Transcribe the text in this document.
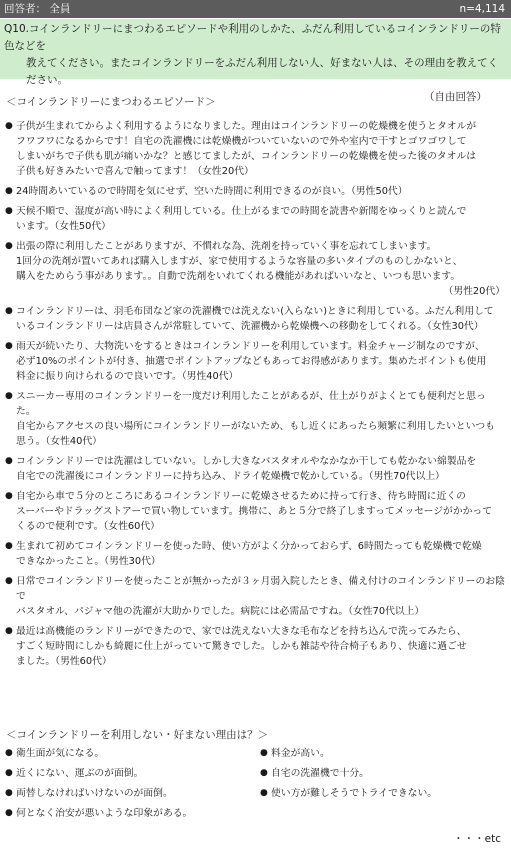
回答者： 全員	n=4,114
Q10.コインランドリーにまつわるエピソードや利用のしかた、ふだん利用しているコインランドリーの特色などを
教えてください。またコインランドリーをふだん利用しない人、好まない人は、その理由を教えてください。
（自由回答）
＜コインランドリーにまつわるエピソード＞
● 子供が生まれてからよく利用するようになりました。理由はコインランドリーの乾燥機を使うとタオルが
フワフワになるからです！自宅の洗濯機には乾燥機がついていないので外や室内で干すとゴワゴワして
しまいがちで子供も肌が痛いかな？と感じてましたが、コインランドリーの乾燥機を使った後のタオルは
子供も好きみたいで喜んで触ってます！（女性20代）
● 24時間あいているので時間を気にせず、空いた時間に利用できるのが良い。（男性50代）
● 天候不順で、湿度が高い時によく利用している。仕上がるまでの時間を読書や新聞をゆっくりと読んで
います。（女性50代）
● 出張の際に利用したことがありますが、不慣れな為、洗剤を持っていく事を忘れてしまいます。
1回分の洗剤が置いてあれば購入しますが、家で使用するような容量の多いタイプのものしかないと、
購入をためらう事があります。。自動で洗剤をいれてくれる機能があればいいなと、いつも思います。
（男性20代）
● コインランドリーは、羽毛布団など家の洗濯機では洗えない(入らない)ときに利用している。ふだん利用して
いるコインランドリーは店員さんが常駐していて、洗濯機から乾燥機への移動をしてくれる。（女性30代）
● 雨天が続いたり、大物洗いをするときはコインランドリーを利用しています。料金チャージ制なのですが、
必ず10%のポイントが付き、抽選でポイントアップなどもあってお得感があります。集めたポイントも使用
料金に振り向けられるので良いです。（男性40代）
● スニーカー専用のコインランドリーを一度だけ利用したことがあるが、仕上がりがよくとても便利だと思った。
自宅からアクセスの良い場所にコインランドリーがないため、もし近くにあったら頻繁に利用したいといつも
思う。（女性40代）
● コインランドリーでは洗濯はしていない。しかし大きなバスタオルやなかなか干しても乾かない綿製品を
自宅での洗濯後にコインランドリーに持ち込み、ドライ乾燥機で乾かしている。（男性70代以上）
● 自宅から車で５分のところにあるコインランドリーに乾燥させるために持って行き、待ち時間に近くの
スーパーやドラッグストアーで買い物しています。携帯に、あと５分で終了しますってメッセージがかかって
くるので便利です。（女性60代）
● 生まれて初めてコインランドリーを使った時、使い方がよく分かっておらず、6時間たっても乾燥機で乾燥
できなかったこと。（男性30代）
● 日常でコインランドリーを使ったことが無かったが３ヶ月弱入院したとき、備え付けのコインランドリーのお陰で
バスタオル、パジャマ他の洗濯が大助かりでした。病院には必需品ですね。（女性70代以上）
● 最近は高機能のランドリーができたので、家では洗えない大きな毛布などを持ち込んで洗ってみたら、
すごく短時間にしかも綺麗に仕上がっていて驚きでした。しかも雑誌や待合椅子もあり、快適に過ごせ
ました。（男性60代）
＜コインランドリーを利用しない・好まない理由は？＞
● 衛生面が気になる。	● 料金が高い。
● 近くにない、運ぶのが面倒。	● 自宅の洗濯機で十分。
● 両替しなければいけないのが面倒。	● 使い方が難しそうでトライできない。
● 何となく治安が悪いような印象がある。
・・・etc
